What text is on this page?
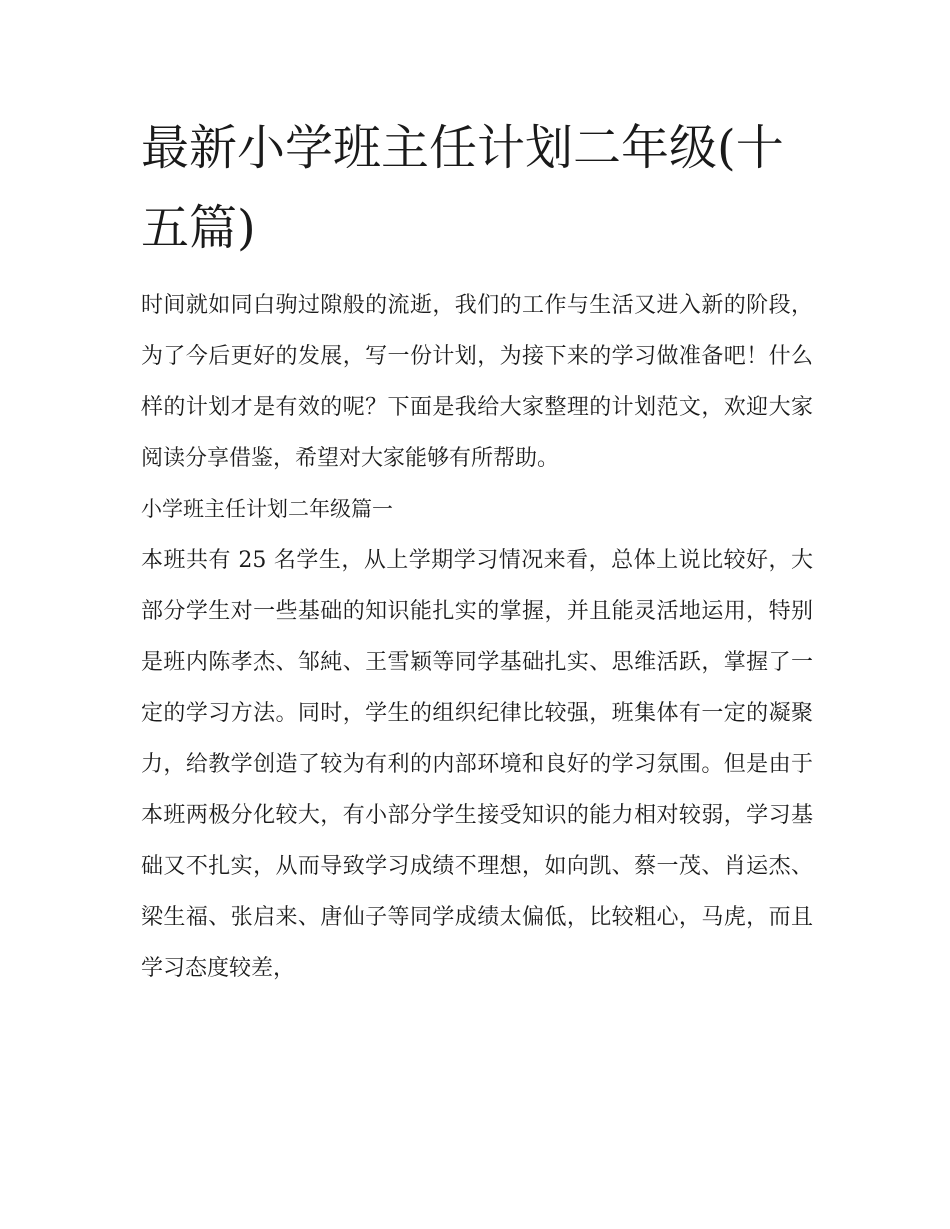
最新小学班主任计划二年级(十五篇)

时间就如同白驹过隙般的流逝，我们的工作与生活又进入新的阶段，为了今后更好的发展，写一份计划，为接下来的学习做准备吧！什么样的计划才是有效的呢？下面是我给大家整理的计划范文，欢迎大家阅读分享借鉴，希望对大家能够有所帮助。

小学班主任计划二年级篇一

本班共有 25 名学生，从上学期学习情况来看，总体上说比较好，大部分学生对一些基础的知识能扎实的掌握，并且能灵活地运用，特别是班内陈孝杰、邹純、王雪颖等同学基础扎实、思维活跃，掌握了一定的学习方法。同时，学生的组织纪律比较强，班集体有一定的凝聚力，给教学创造了较为有利的内部环境和良好的学习氛围。但是由于本班两极分化较大，有小部分学生接受知识的能力相对较弱，学习基础又不扎实，从而导致学习成绩不理想，如向凯、蔡一茂、肖运杰、梁生福、张启来、唐仙子等同学成绩太偏低，比较粗心，马虎，而且学习态度较差，
